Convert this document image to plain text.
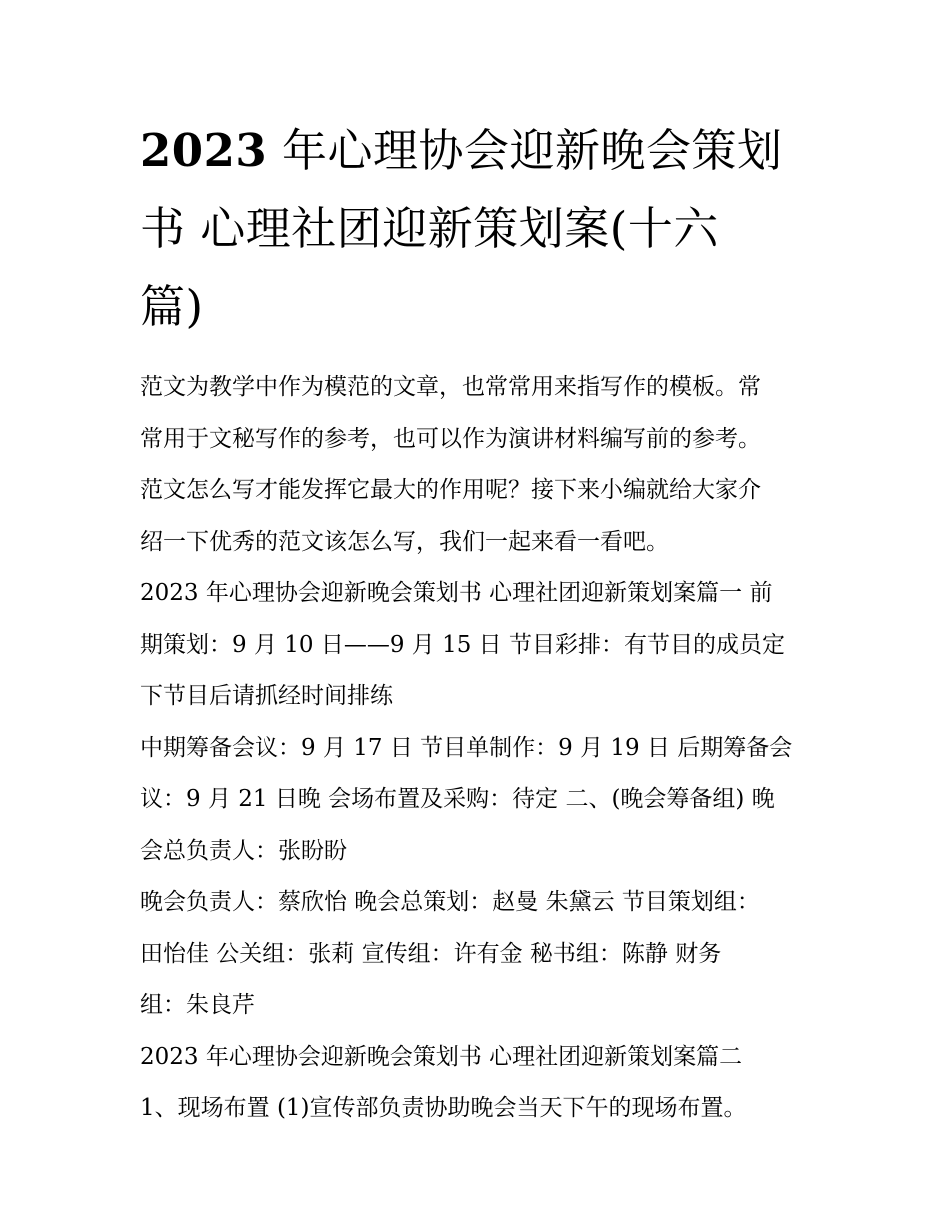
2023 年心理协会迎新晚会策划
书 心理社团迎新策划案(十六
篇)

范文为教学中作为模范的文章，也常常用来指写作的模板。常
常用于文秘写作的参考，也可以作为演讲材料编写前的参考。
范文怎么写才能发挥它最大的作用呢？接下来小编就给大家介
绍一下优秀的范文该怎么写，我们一起来看一看吧。

2023 年心理协会迎新晚会策划书 心理社团迎新策划案篇一 前
期策划：9 月 10 日——9 月 15 日 节目彩排：有节目的成员定
下节目后请抓经时间排练

中期筹备会议：9 月 17 日 节目单制作：9 月 19 日 后期筹备会
议：9 月 21 日晚 会场布置及采购：待定 二、(晚会筹备组) 晚
会总负责人：张盼盼

晚会负责人：蔡欣怡 晚会总策划：赵曼 朱黛云 节目策划组：
田怡佳 公关组：张莉 宣传组：许有金 秘书组：陈静 财务
组：朱良芹

2023 年心理协会迎新晚会策划书 心理社团迎新策划案篇二

1、现场布置 (1)宣传部负责协助晚会当天下午的现场布置。
